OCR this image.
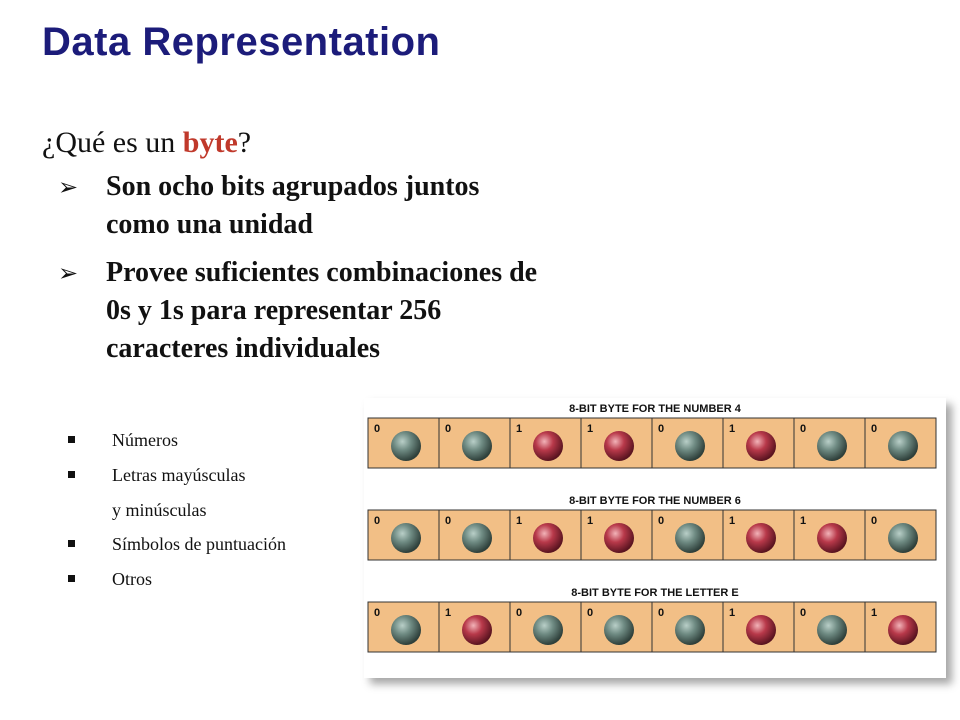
Data Representation
¿Qué es un byte?
➢ Son ocho bits agrupados juntos
como una unidad
➢ Provee suficientes combinaciones de
0s y 1s para representar 256
caracteres individuales
Números
Letras mayúsculas
y minúsculas
Símbolos de puntuación
Otros
8-BIT BYTE FOR THE NUMBER 4
0	0	1	1	0	1	0	0
8-BIT BYTE FOR THE NUMBER 6
0	0	1	1	0	1	1	0
8-BIT BYTE FOR THE LETTER E
0	1	0	0	0	1	0	1
